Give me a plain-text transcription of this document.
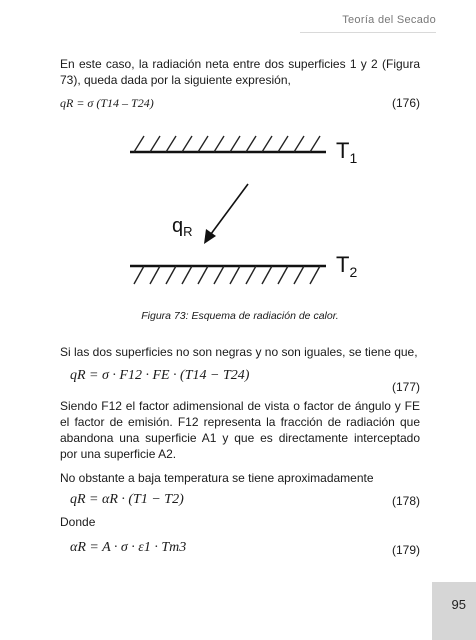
Teoría del Secado
En este caso, la radiación neta entre dos superficies 1 y 2 (Figura 73), queda dada por la siguiente expresión,
qR = σ (T14 – T24)	(176)
$T_1$
$q_R$
$T_2$
Figura 73: Esquema de radiación de calor.
Si las dos superficies no son negras y no son iguales, se tiene que,
qR = σ · F12 · FE · (T14 − T24)
(177)
Siendo F12 el factor adimensional de vista o factor de ángulo y FE el factor de emisión. F12 representa la fracción de radiación que abandona una superficie A1 y que es directamente interceptado por una superficie A2.
No obstante a baja temperatura se tiene aproximadamente
qR = αR · (T1 − T2)	(178)
Donde
αR = A · σ · ε1 · Tm3	(179)
95
